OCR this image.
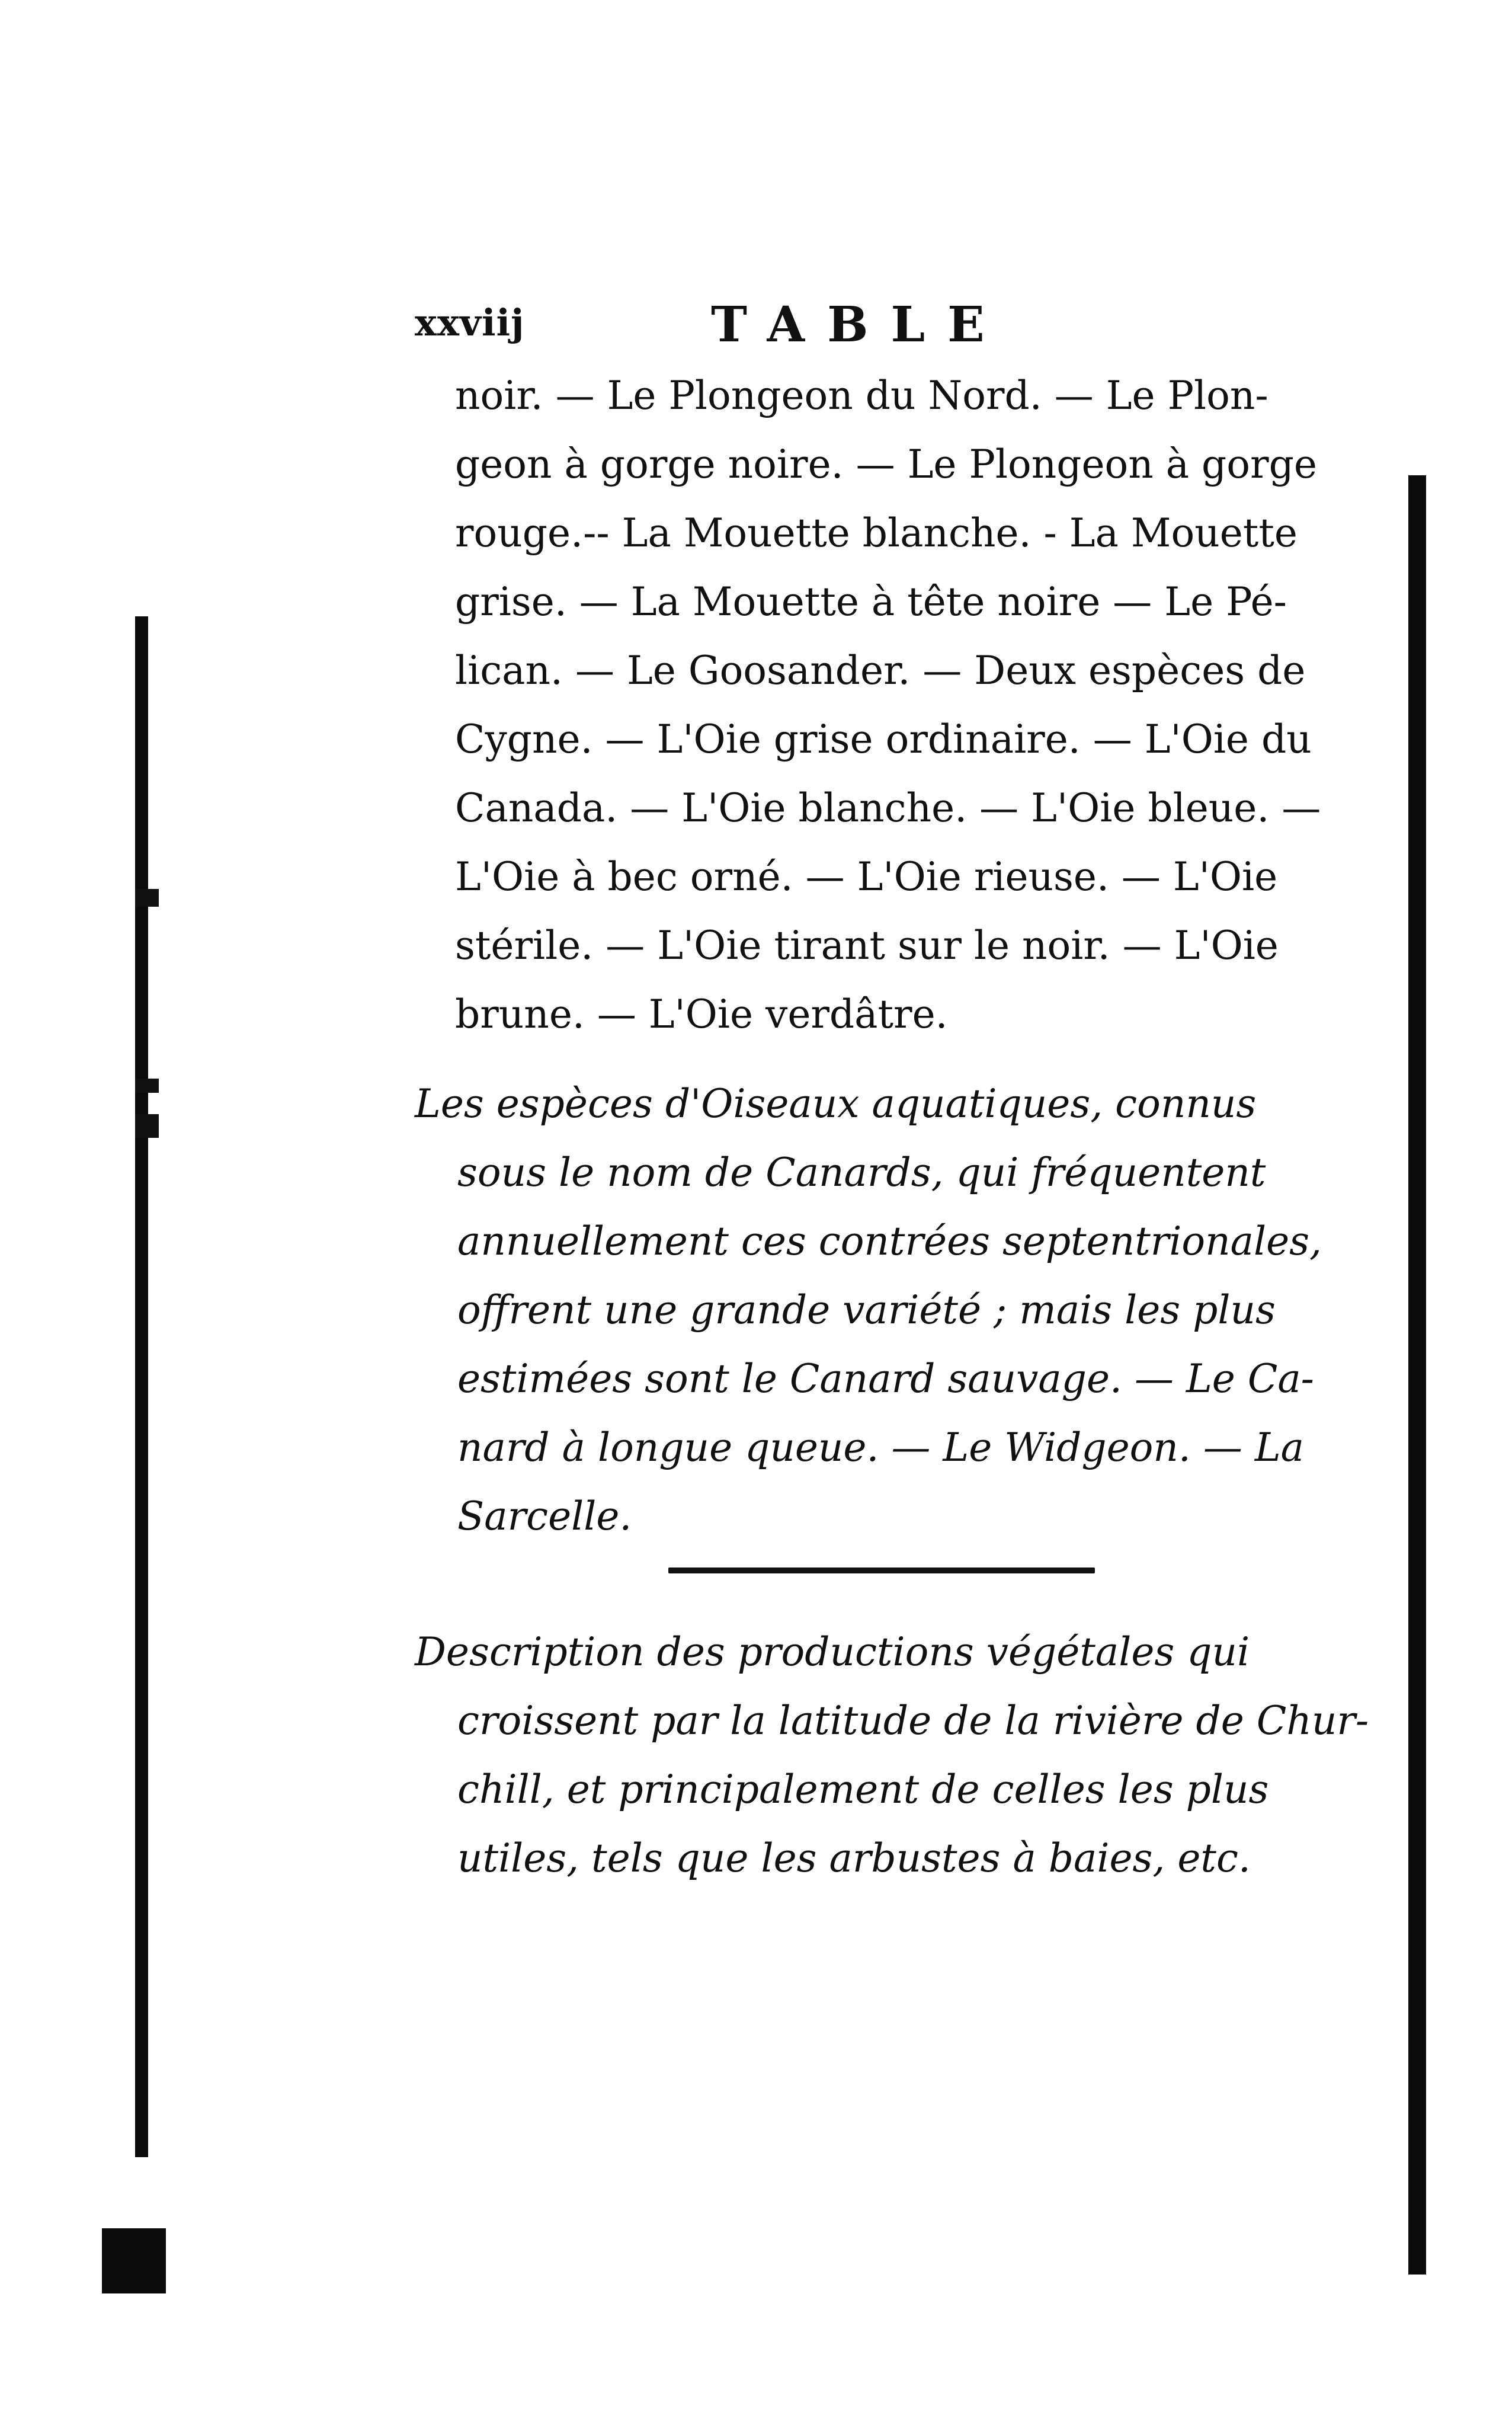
xxviij	TABLE
noir. — Le Plongeon du Nord. — Le Plon-
geon à gorge noire. — Le Plongeon à gorge
rouge.-- La Mouette blanche. - La Mouette
grise. — La Mouette à tête noire — Le Pé-
lican. — Le Goosander. — Deux espèces de
Cygne. — L'Oie grise ordinaire. — L'Oie du
Canada. — L'Oie blanche. — L'Oie bleue. —
L'Oie à bec orné. — L'Oie rieuse. — L'Oie
stérile. — L'Oie tirant sur le noir. — L'Oie
brune. — L'Oie verdâtre.
Les espèces d'Oiseaux aquatiques, connus
sous le nom de Canards, qui fréquentent
annuellement ces contrées septentrionales,
offrent une grande variété ; mais les plus
estimées sont le Canard sauvage. — Le Ca-
nard à longue queue. — Le Widgeon. — La
Sarcelle.
Description des productions végétales qui
croissent par la latitude de la rivière de Chur-
chill, et principalement de celles les plus
utiles, tels que les arbustes à baies, etc.
